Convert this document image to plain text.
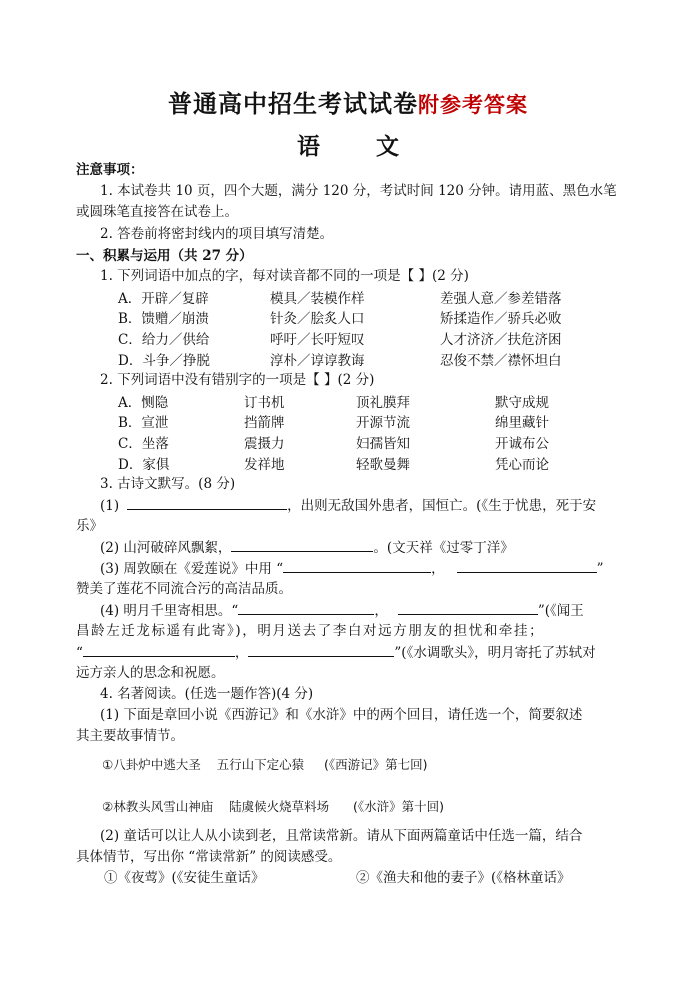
普通高中招生考试试卷附参考答案
语 文
注意事项：
1. 本试卷共 10 页，四个大题，满分 120 分，考试时间 120 分钟。请用蓝、黑色水笔
或圆珠笔直接答在试卷上。
2. 答卷前将密封线内的项目填写清楚。
一、积累与运用（共 27 分）
1. 下列词语中加点的字，每对读音都不同的一项是【 】(2 分)
A．开辟／复辟	模具／装模作样	差强人意／参差错落
B．馈赠／崩溃	针灸／脍炙人口	矫揉造作／骄兵必败
C．给力／供给	呼吁／长吁短叹	人才济济／扶危济困
D．斗争／挣脱	淳朴／谆谆教诲	忍俊不禁／襟怀坦白
2. 下列词语中没有错别字的一项是【 】(2 分)
A．恻隐	订书机	顶礼膜拜	默守成规
B．宣泄	挡箭牌	开源节流	绵里藏针
C．坐落	震摄力	妇孺皆知	开诚布公
D．家俱	发祥地	轻歌曼舞	凭心而论
3. 古诗文默写。(8 分)
(1)	，出则无敌国外患者，国恒亡。(《生于忧患，死于安
乐》
(2) 山河破碎风飘絮，	。(文天祥《过零丁洋》
(3) 周敦颐在《爱莲说》中用 “	，	”
赞美了莲花不同流合污的高洁品质。
(4) 明月千里寄相思。“	，	”(《闻王
昌龄左迁龙标遥有此寄》)，明月送去了李白对远方朋友的担忧和牵挂；
“	，	”(《水调歌头》，明月寄托了苏轼对
远方亲人的思念和祝愿。
4. 名著阅读。(任选一题作答)(4 分)
(1) 下面是章回小说《西游记》和《水浒》中的两个回目，请任选一个，简要叙述
其主要故事情节。
①八卦炉中逃大圣    五行山下定心猿     (《西游记》第七回)
②林教头风雪山神庙    陆虞候火烧草料场      (《水浒》第十回)
(2) 童话可以让人从小读到老，且常读常新。请从下面两篇童话中任选一篇，结合
具体情节，写出你 “常读常新” 的阅读感受。
①《夜莺》(《安徒生童话》	②《渔夫和他的妻子》(《格林童话》
